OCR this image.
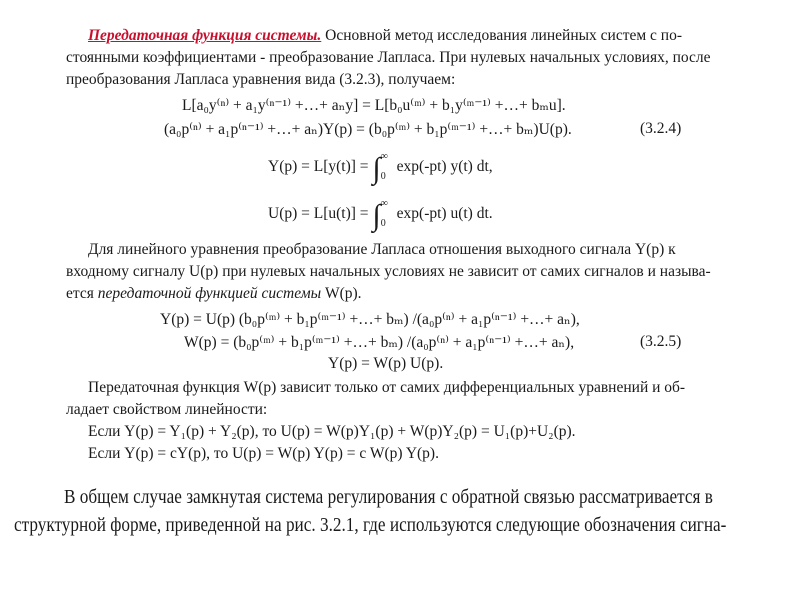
Передаточная функция системы. Основной метод исследования линейных систем с по-
стоянными коэффициентами - преобразование Лапласа. При нулевых начальных условиях, после
преобразования Лапласа уравнения вида (3.2.3), получаем:
L[a₀y⁽ⁿ⁾ + a₁y⁽ⁿ⁻¹⁾ +…+ aₙy] = L[b₀u⁽ᵐ⁾ + b₁y⁽ᵐ⁻¹⁾ +…+ bₘu].
(a₀p⁽ⁿ⁾ + a₁p⁽ⁿ⁻¹⁾ +…+ aₙ)Y(p) = (b₀p⁽ᵐ⁾ + b₁p⁽ᵐ⁻¹⁾ +…+ bₘ)U(p).	(3.2.4)
$Y(p) = L[y(t)] = \int^\infty_0$ exp(-pt) y(t) dt,
$U(p) = L[u(t)] = \int^\infty_0$ exp(-pt) u(t) dt.
Для линейного уравнения преобразование Лапласа отношения выходного сигнала Y(p) к
входному сигналу U(p) при нулевых начальных условиях не зависит от самих сигналов и называ-
ется передаточной функцией системы W(p).
Y(p) = U(p) (b₀p⁽ᵐ⁾ + b₁p⁽ᵐ⁻¹⁾ +…+ bₘ) /(a₀p⁽ⁿ⁾ + a₁p⁽ⁿ⁻¹⁾ +…+ aₙ),
W(p) = (b₀p⁽ᵐ⁾ + b₁p⁽ᵐ⁻¹⁾ +…+ bₘ) /(a₀p⁽ⁿ⁾ + a₁p⁽ⁿ⁻¹⁾ +…+ aₙ),	(3.2.5)
Y(p) = W(p) U(p).
Передаточная функция W(p) зависит только от самих дифференциальных уравнений и об-
ладает свойством линейности:
Если Y(p) = Y₁(p) + Y₂(p), то U(p) = W(p)Y₁(p) + W(p)Y₂(p) = U₁(p)+U₂(p).
Если Y(p) = cY(p), то U(p) = W(p) Y(p) = c W(p) Y(p).
В общем случае замкнутая система регулирования с обратной связью рассматривается в
структурной форме, приведенной на рис. 3.2.1, где используются следующие обозначения сигна-
